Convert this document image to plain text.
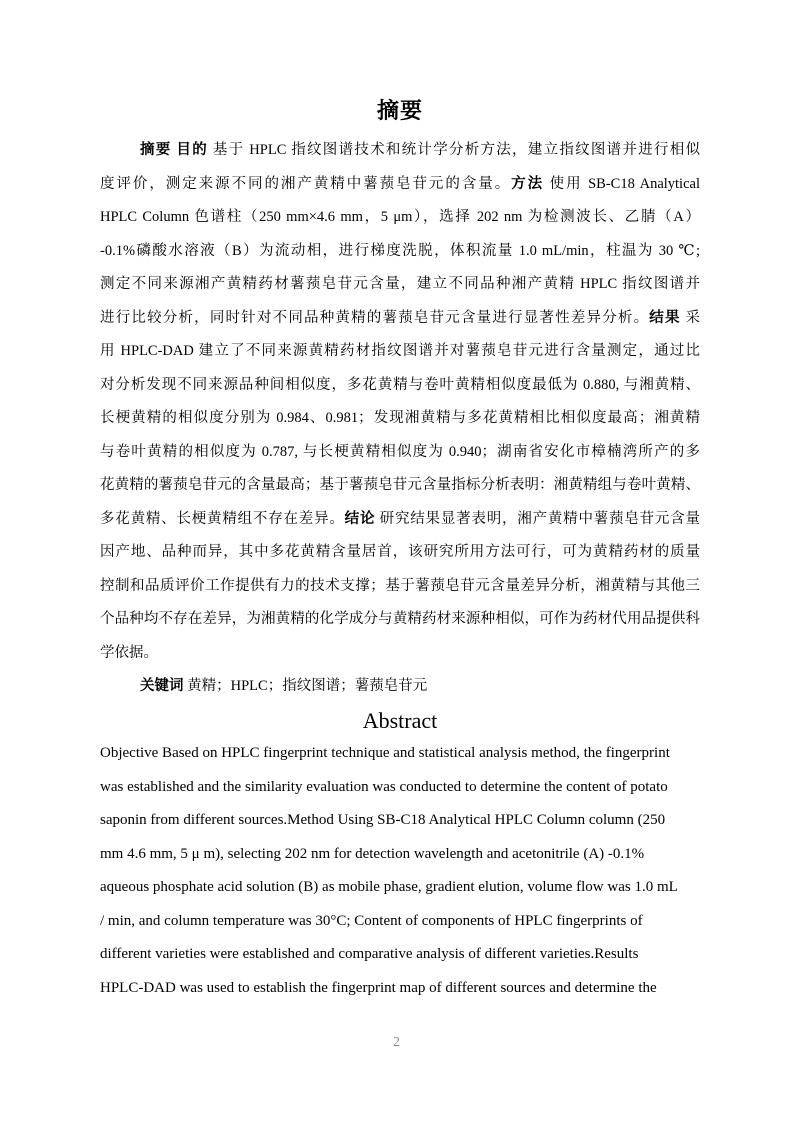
摘要
摘要 目的 基于 HPLC 指纹图谱技术和统计学分析方法，建立指纹图谱并进行相似
度评价，测定来源不同的湘产黄精中薯蓣皂苷元的含量。方法 使用 SB-C18 Analytical
HPLC Column 色谱柱（250 mm×4.6 mm，5 μm），选择 202 nm 为检测波长、乙腈（A）
-0.1%磷酸水溶液（B）为流动相，进行梯度洗脱，体积流量 1.0 mL/min，柱温为 30 ℃;
测定不同来源湘产黄精药材薯蓣皂苷元含量，建立不同品种湘产黄精 HPLC 指纹图谱并
进行比较分析，同时针对不同品种黄精的薯蓣皂苷元含量进行显著性差异分析。结果 采
用 HPLC-DAD 建立了不同来源黄精药材指纹图谱并对薯蓣皂苷元进行含量测定，通过比
对分析发现不同来源品种间相似度，多花黄精与卷叶黄精相似度最低为 0.880, 与湘黄精、
长梗黄精的相似度分别为 0.984、0.981；发现湘黄精与多花黄精相比相似度最高；湘黄精
与卷叶黄精的相似度为 0.787, 与长梗黄精相似度为 0.940；湖南省安化市樟楠湾所产的多
花黄精的薯蓣皂苷元的含量最高；基于薯蓣皂苷元含量指标分析表明：湘黄精组与卷叶黄精、
多花黄精、长梗黄精组不存在差异。结论 研究结果显著表明，湘产黄精中薯蓣皂苷元含量
因产地、品种而异，其中多花黄精含量居首，该研究所用方法可行，可为黄精药材的质量
控制和品质评价工作提供有力的技术支撑；基于薯蓣皂苷元含量差异分析，湘黄精与其他三
个品种均不存在差异，为湘黄精的化学成分与黄精药材来源种相似，可作为药材代用品提供科
学依据。
关键词 黄精；HPLC；指纹图谱；薯蓣皂苷元
Abstract
Objective Based on HPLC fingerprint technique and statistical analysis method, the fingerprint
was established and the similarity evaluation was conducted to determine the content of potato
saponin from different sources.Method Using SB-C18 Analytical HPLC Column column (250
mm 4.6 mm, 5 μ m), selecting 202 nm for detection wavelength and acetonitrile (A) -0.1%
aqueous phosphate acid solution (B) as mobile phase, gradient elution, volume flow was 1.0 mL
/ min, and column temperature was 30°C; Content of components of HPLC fingerprints of
different varieties were established and comparative analysis of different varieties.Results
HPLC-DAD was used to establish the fingerprint map of different sources and determine the
2
